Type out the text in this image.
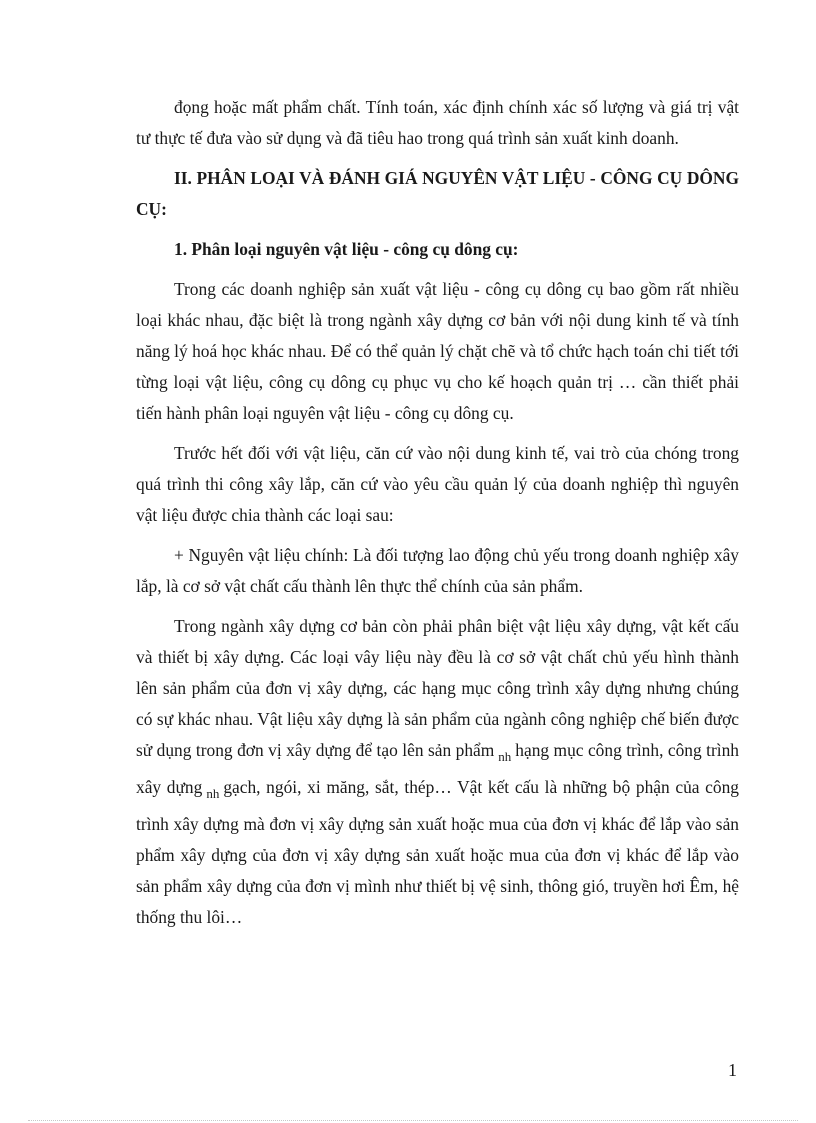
đọng hoặc mất phẩm chất. Tính toán, xác định chính xác số lượng và giá trị vật tư thực tế đưa vào sử dụng và đã tiêu hao trong quá trình sản xuất kinh doanh.

II. PHÂN LOẠI VÀ ĐÁNH GIÁ NGUYÊN VẬT LIỆU - CÔNG CỤ DÔNG CỤ:

1. Phân loại nguyên vật liệu - công cụ dông cụ:

Trong các doanh nghiệp sản xuất vật liệu - công cụ dông cụ bao gồm rất nhiều loại khác nhau, đặc biệt là trong ngành xây dựng cơ bản với nội dung kinh tế và tính năng lý hoá học khác nhau. Để có thể quản lý chặt chẽ và tổ chức hạch toán chi tiết tới từng loại vật liệu, công cụ dông cụ phục vụ cho kế hoạch quản trị … cần thiết phải tiến hành phân loại nguyên vật liệu - công cụ dông cụ.

Trước hết đối với vật liệu, căn cứ vào nội dung kinh tế, vai trò của chóng trong quá trình thi công xây lắp, căn cứ vào yêu cầu quản lý của doanh nghiệp thì nguyên vật liệu được chia thành các loại sau:

+ Nguyên vật liệu chính: Là đối tượng lao động chủ yếu trong doanh nghiệp xây lắp, là cơ sở vật chất cấu thành lên thực thể chính của sản phẩm.

Trong ngành xây dựng cơ bản còn phải phân biệt vật liệu xây dựng, vật kết cấu và thiết bị xây dựng. Các loại vây liệu này đều là cơ sở vật chất chủ yếu hình thành lên sản phẩm của đơn vị xây dựng, các hạng mục công trình xây dựng nhưng chúng có sự khác nhau. Vật liệu xây dựng là sản phẩm của ngành công nghiệp chế biến được sử dụng trong đơn vị xây dựng để tạo lên sản phẩm $_{nh}$ hạng mục công trình, công trình xây dựng $_{nh}$ gạch, ngói, xi măng, sắt, thép… Vật kết cấu là những bộ phận của công trình xây dựng mà đơn vị xây dựng sản xuất hoặc mua của đơn vị khác để lắp vào sản phẩm xây dựng của đơn vị xây dựng sản xuất hoặc mua của đơn vị khác để lắp vào sản phẩm xây dựng của đơn vị mình như thiết bị vệ sinh, thông gió, truyền hơi Êm, hệ thống thu lôi…

1
